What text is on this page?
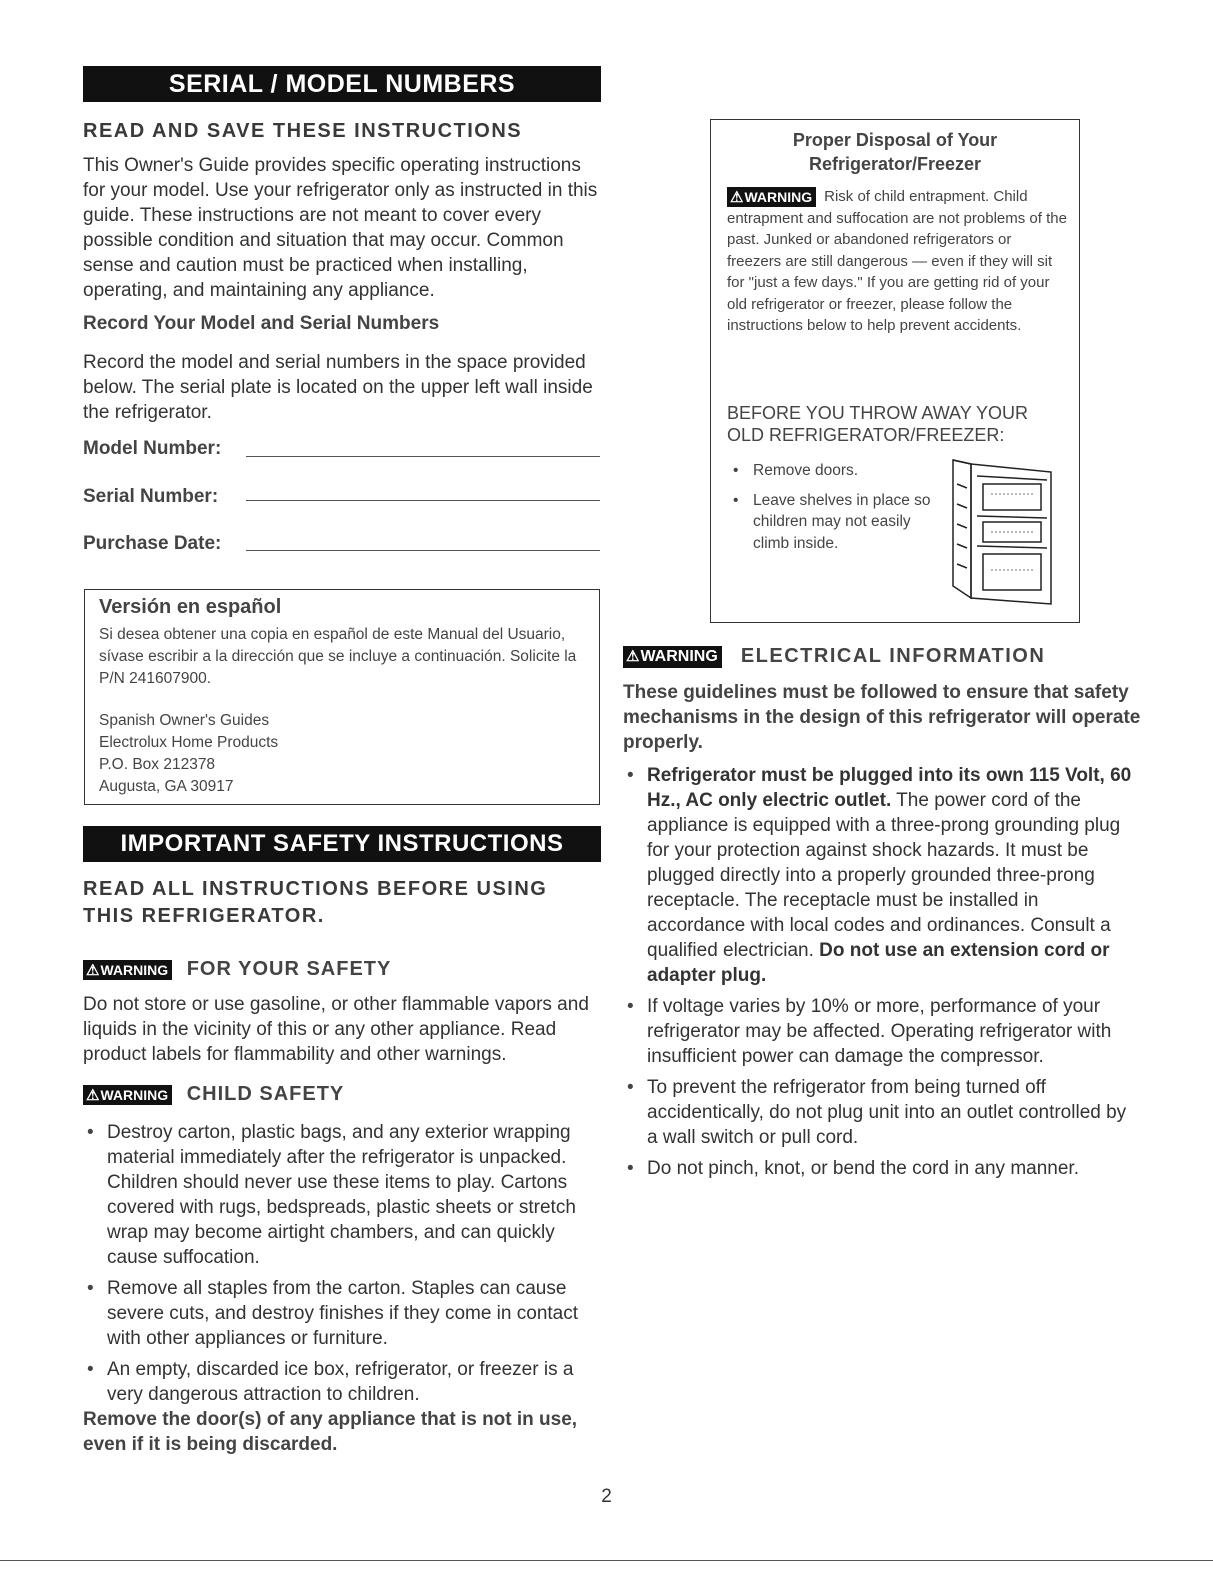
SERIAL / MODEL NUMBERS
READ AND SAVE THESE INSTRUCTIONS
This Owner's Guide provides specific operating instructions for your model. Use your refrigerator only as instructed in this guide. These instructions are not meant to cover every possible condition and situation that may occur. Common sense and caution must be practiced when installing, operating, and maintaining any appliance.
Record Your Model and Serial Numbers
Record the model and serial numbers in the space provided below. The serial plate is located on the upper left wall inside the refrigerator.
Model Number:
Serial Number:
Purchase Date:
Versión en español
Si desea obtener una copia en español de este Manual del Usuario, sívase escribir a la dirección que se incluye a continuación. Solicite la P/N 241607900.
Spanish Owner's Guides
Electrolux Home Products
P.O. Box 212378
Augusta, GA 30917
IMPORTANT SAFETY INSTRUCTIONS
READ ALL INSTRUCTIONS BEFORE USING
THIS REFRIGERATOR.
⚠WARNING FOR YOUR SAFETY
Do not store or use gasoline, or other flammable vapors and liquids in the vicinity of this or any other appliance. Read product labels for flammability and other warnings.
⚠WARNING CHILD SAFETY
• Destroy carton, plastic bags, and any exterior wrapping material immediately after the refrigerator is unpacked. Children should never use these items to play. Cartons covered with rugs, bedspreads, plastic sheets or stretch wrap may become airtight chambers, and can quickly cause suffocation.
• Remove all staples from the carton. Staples can cause severe cuts, and destroy finishes if they come in contact with other appliances or furniture.
• An empty, discarded ice box, refrigerator, or freezer is a very dangerous attraction to children.
Remove the door(s) of any appliance that is not in use, even if it is being discarded.
Proper Disposal of Your
Refrigerator/Freezer
⚠WARNING Risk of child entrapment. Child entrapment and suffocation are not problems of the past. Junked or abandoned refrigerators or freezers are still dangerous — even if they will sit for "just a few days." If you are getting rid of your old refrigerator or freezer, please follow the instructions below to help prevent accidents.
BEFORE YOU THROW AWAY YOUR
OLD REFRIGERATOR/FREEZER:
• Remove doors.
• Leave shelves in place so children may not easily climb inside.
⚠WARNING ELECTRICAL INFORMATION
These guidelines must be followed to ensure that safety mechanisms in the design of this refrigerator will operate properly.
• Refrigerator must be plugged into its own 115 Volt, 60 Hz., AC only electric outlet. The power cord of the appliance is equipped with a three-prong grounding plug for your protection against shock hazards. It must be plugged directly into a properly grounded three-prong receptacle. The receptacle must be installed in accordance with local codes and ordinances. Consult a qualified electrician. Do not use an extension cord or adapter plug.
• If voltage varies by 10% or more, performance of your refrigerator may be affected. Operating refrigerator with insufficient power can damage the compressor.
• To prevent the refrigerator from being turned off accidentically, do not plug unit into an outlet controlled by a wall switch or pull cord.
• Do not pinch, knot, or bend the cord in any manner.
2
